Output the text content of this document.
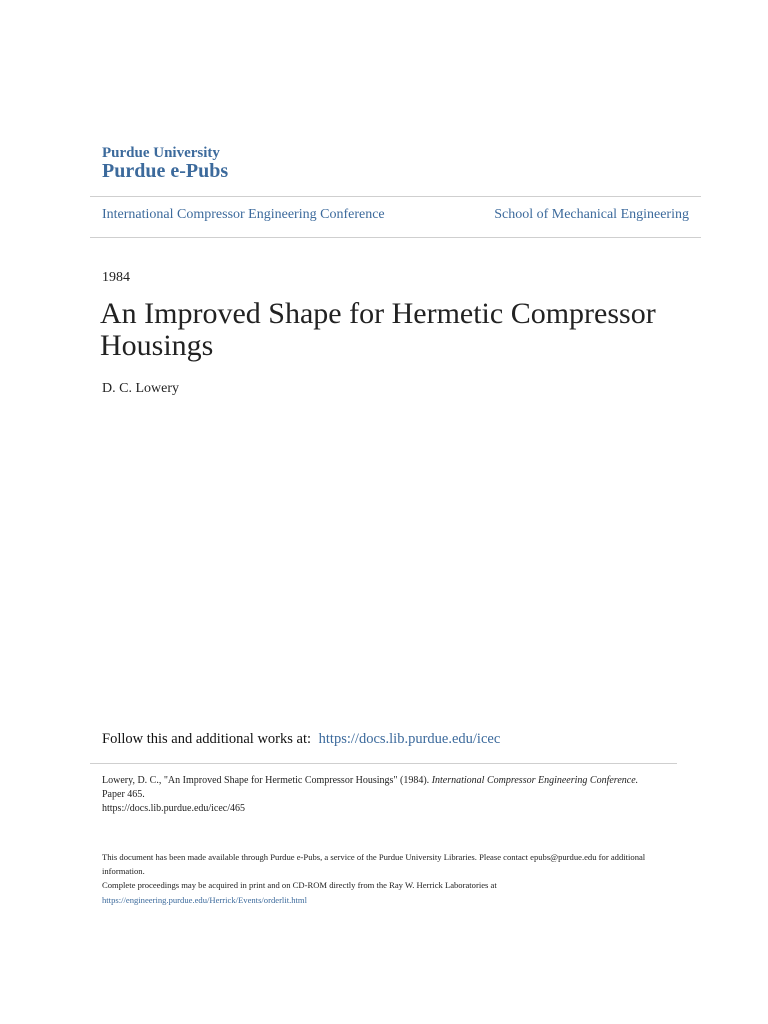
Purdue University
Purdue e-Pubs
International Compressor Engineering Conference	School of Mechanical Engineering
1984
An Improved Shape for Hermetic Compressor Housings
D. C. Lowery
Follow this and additional works at: https://docs.lib.purdue.edu/icec
Lowery, D. C., "An Improved Shape for Hermetic Compressor Housings" (1984). International Compressor Engineering Conference.
Paper 465.
https://docs.lib.purdue.edu/icec/465
This document has been made available through Purdue e-Pubs, a service of the Purdue University Libraries. Please contact epubs@purdue.edu for additional information.
Complete proceedings may be acquired in print and on CD-ROM directly from the Ray W. Herrick Laboratories at https://engineering.purdue.edu/Herrick/Events/orderlit.html
